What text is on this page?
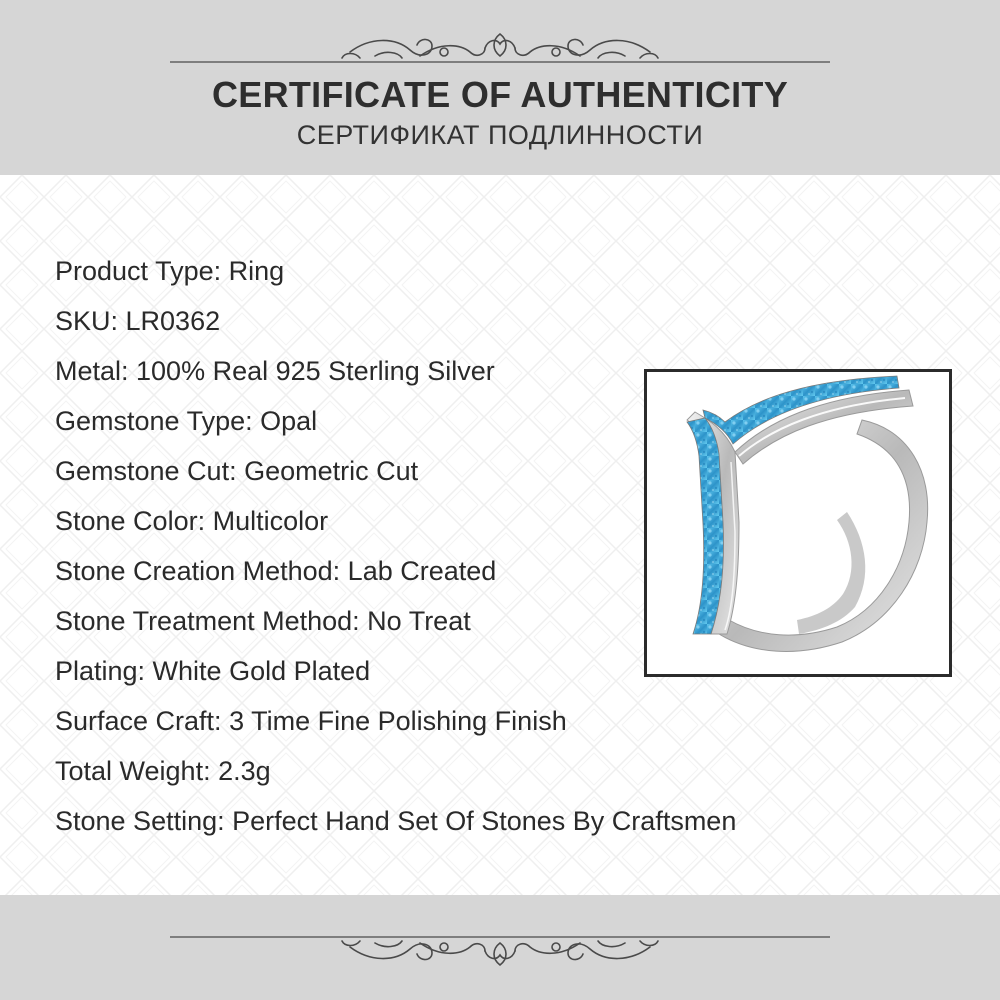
CERTIFICATE OF AUTHENTICITY
СЕРТИФИКАТ ПОДЛИННОСТИ
Product Type: Ring
SKU: LR0362
Metal: 100% Real 925 Sterling Silver
Gemstone Type: Opal
Gemstone Cut: Geometric Cut
Stone Color: Multicolor
Stone Creation Method: Lab Created
Stone Treatment Method: No Treat
Plating: White Gold Plated
Surface Craft: 3 Time Fine Polishing Finish
Total Weight: 2.3g
Stone Setting: Perfect Hand Set Of Stones By Craftsmen
